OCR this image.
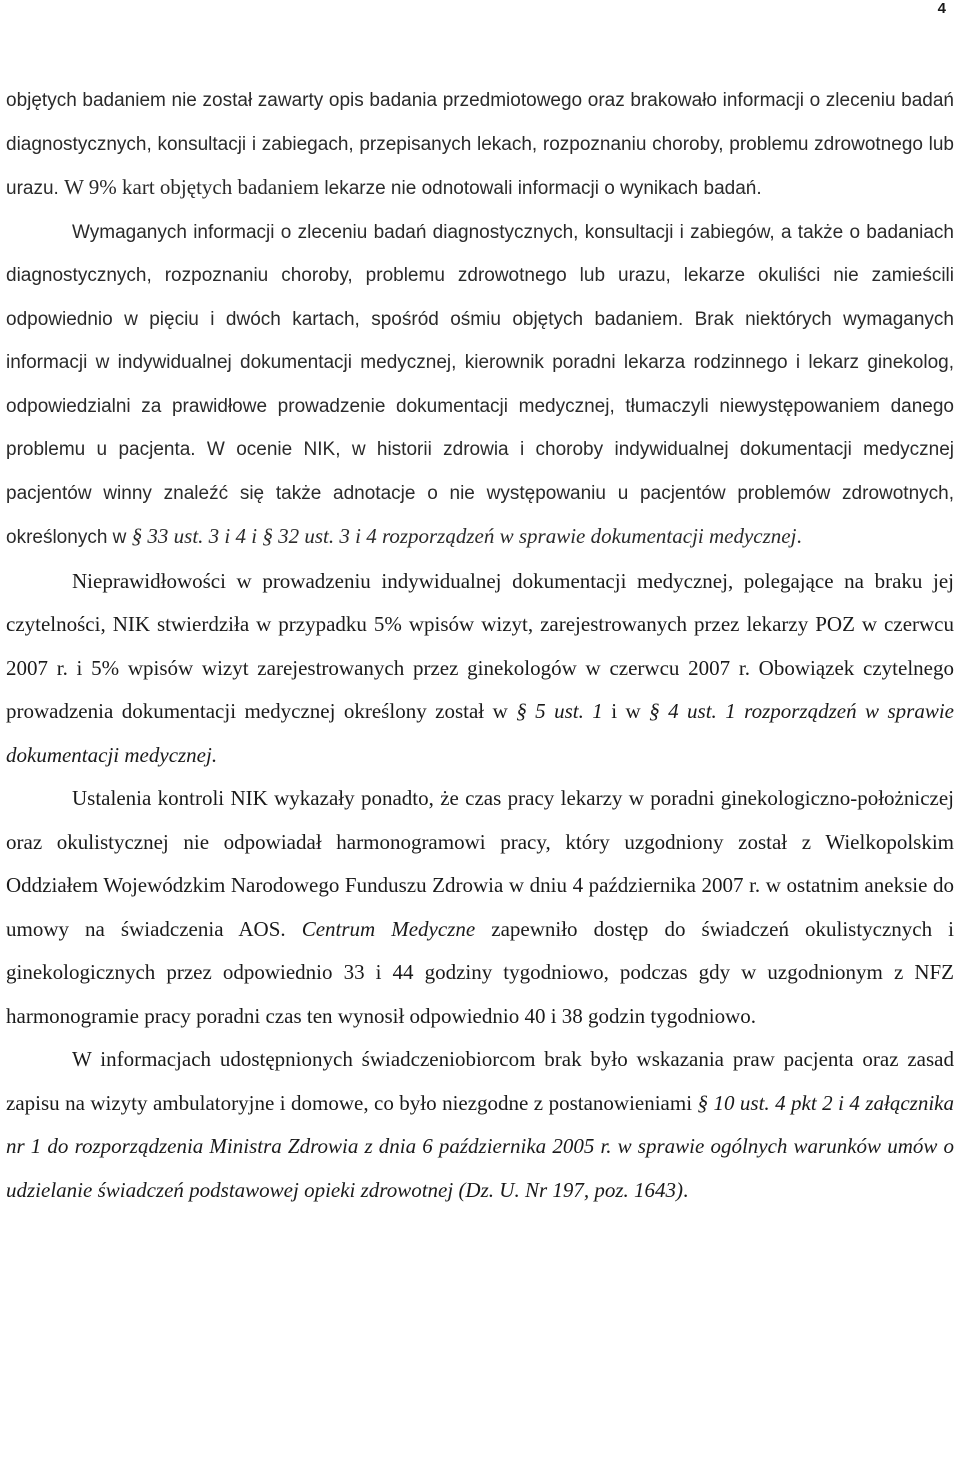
4

objętych badaniem nie został zawarty opis badania przedmiotowego oraz brakowało informacji o zleceniu badań diagnostycznych, konsultacji i zabiegach, przepisanych lekach, rozpoznaniu choroby, problemu zdrowotnego lub urazu. W 9% kart objętych badaniem lekarze nie odnotowali informacji o wynikach badań.

Wymaganych informacji o zleceniu badań diagnostycznych, konsultacji i zabiegów, a także o badaniach diagnostycznych, rozpoznaniu choroby, problemu zdrowotnego lub urazu, lekarze okuliści nie zamieścili odpowiednio w pięciu i dwóch kartach, spośród ośmiu objętych badaniem. Brak niektórych wymaganych informacji w indywidualnej dokumentacji medycznej, kierownik poradni lekarza rodzinnego i lekarz ginekolog, odpowiedzialni za prawidłowe prowadzenie dokumentacji medycznej, tłumaczyli niewystępowaniem danego problemu u pacjenta. W ocenie NIK, w historii zdrowia i choroby indywidualnej dokumentacji medycznej pacjentów winny znaleźć się także adnotacje o nie występowaniu u pacjentów problemów zdrowotnych, określonych w § 33 ust. 3 i 4 i § 32 ust. 3 i 4 rozporządzeń w sprawie dokumentacji medycznej.

Nieprawidłowości w prowadzeniu indywidualnej dokumentacji medycznej, polegające na braku jej czytelności, NIK stwierdziła w przypadku 5% wpisów wizyt, zarejestrowanych przez lekarzy POZ w czerwcu 2007 r. i 5% wpisów wizyt zarejestrowanych przez ginekologów w czerwcu 2007 r. Obowiązek czytelnego prowadzenia dokumentacji medycznej określony został w § 5 ust. 1 i w § 4 ust. 1 rozporządzeń w sprawie dokumentacji medycznej.

Ustalenia kontroli NIK wykazały ponadto, że czas pracy lekarzy w poradni ginekologiczno-położniczej oraz okulistycznej nie odpowiadał harmonogramowi pracy, który uzgodniony został z Wielkopolskim Oddziałem Wojewódzkim Narodowego Funduszu Zdrowia w dniu 4 października 2007 r. w ostatnim aneksie do umowy na świadczenia AOS. Centrum Medyczne zapewniło dostęp do świadczeń okulistycznych i ginekologicznych przez odpowiednio 33 i 44 godziny tygodniowo, podczas gdy w uzgodnionym z NFZ harmonogramie pracy poradni czas ten wynosił odpowiednio 40 i 38 godzin tygodniowo.

W informacjach udostępnionych świadczeniobiorcom brak było wskazania praw pacjenta oraz zasad zapisu na wizyty ambulatoryjne i domowe, co było niezgodne z postanowieniami § 10 ust. 4 pkt 2 i 4 załącznika nr 1 do rozporządzenia Ministra Zdrowia z dnia 6 października 2005 r. w sprawie ogólnych warunków umów o udzielanie świadczeń podstawowej opieki zdrowotnej (Dz. U. Nr 197, poz. 1643).
